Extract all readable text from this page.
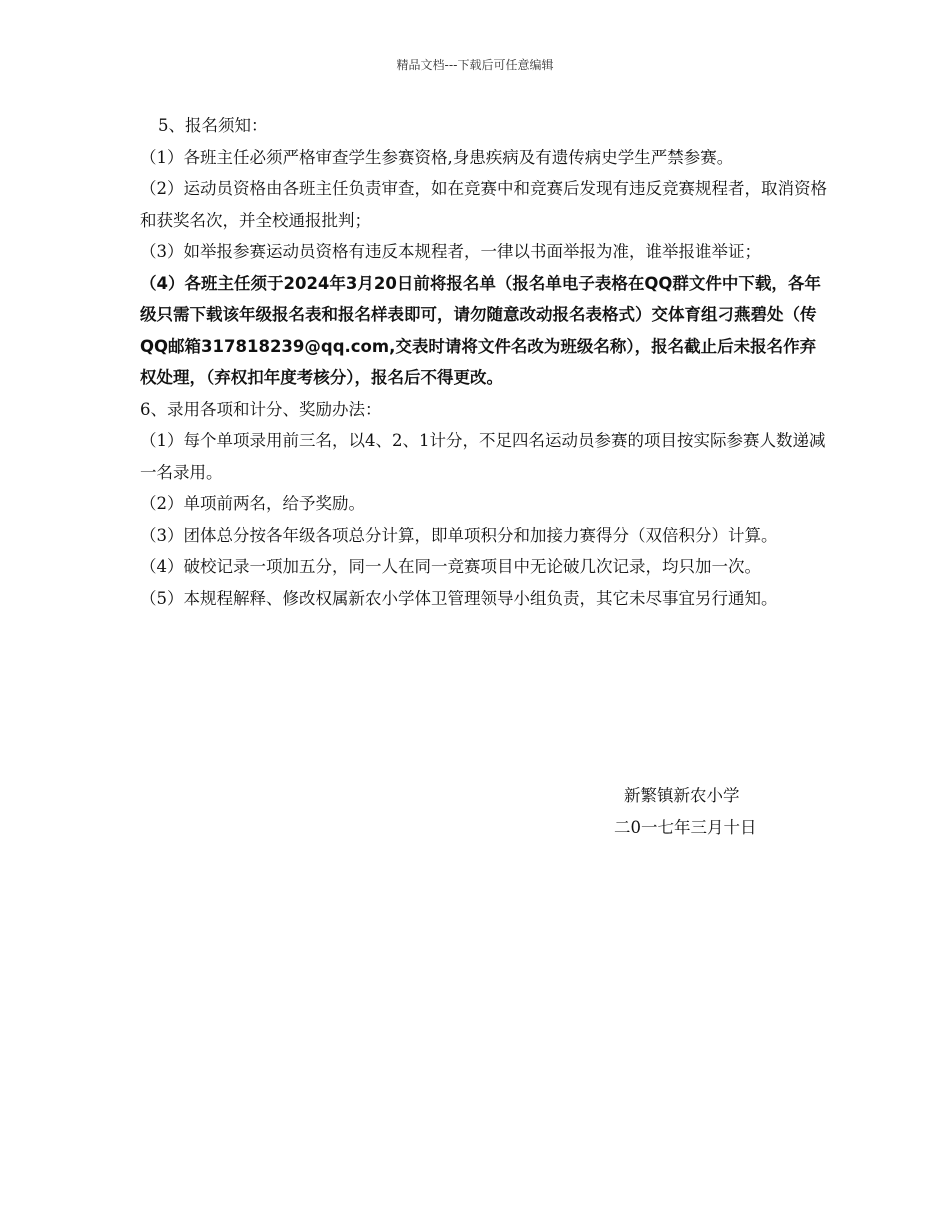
精品文档---下载后可任意编辑

5、报名须知：

（1）各班主任必须严格审查学生参赛资格,身患疾病及有遗传病史学生严禁参赛。

（2）运动员资格由各班主任负责审查，如在竞赛中和竞赛后发现有违反竞赛规程者，取消资格和获奖名次，并全校通报批判；

（3）如举报参赛运动员资格有违反本规程者，一律以书面举报为准，谁举报谁举证；

（4）各班主任须于2024年3月20日前将报名单（报名单电子表格在QQ群文件中下载，各年级只需下载该年级报名表和报名样表即可，请勿随意改动报名表格式）交体育组刁燕碧处（传QQ邮箱317818239@qq.com,交表时请将文件名改为班级名称），报名截止后未报名作弃权处理，（弃权扣年度考核分），报名后不得更改。

6、录用各项和计分、奖励办法：

（1）每个单项录用前三名，以4、2、1计分，不足四名运动员参赛的项目按实际参赛人数递减一名录用。

（2）单项前两名，给予奖励。

（3）团体总分按各年级各项总分计算，即单项积分和加接力赛得分（双倍积分）计算。

（4）破校记录一项加五分，同一人在同一竞赛项目中无论破几次记录，均只加一次。

（5）本规程解释、修改权属新农小学体卫管理领导小组负责，其它未尽事宜另行通知。

新繁镇新农小学

二0一七年三月十日
